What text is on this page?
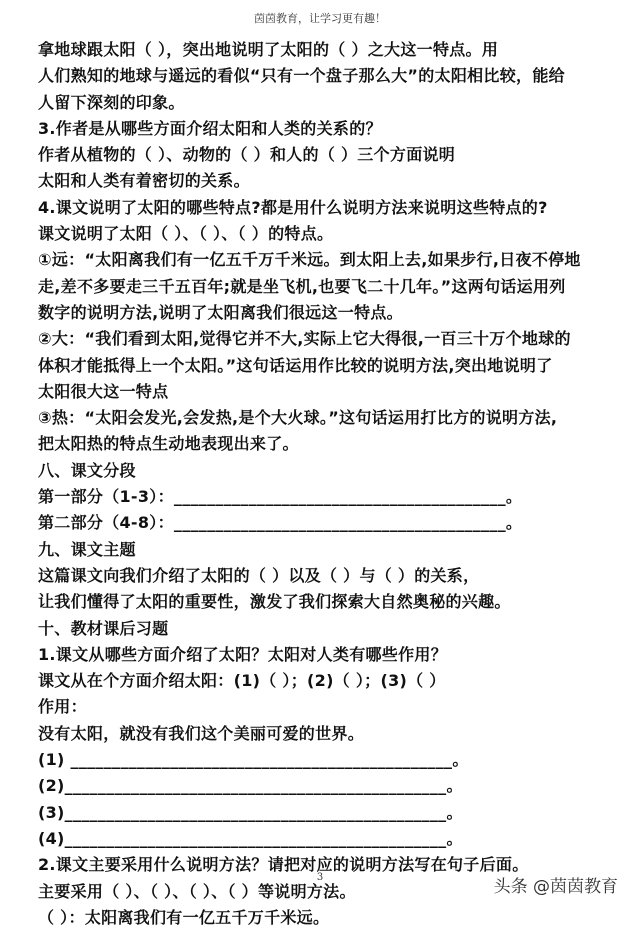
茵茵教育，让学习更有趣！
拿地球跟太阳（ ），突出地说明了太阳的（ ）之大这一特点。用
人们熟知的地球与遥远的看似“只有一个盘子那么大”的太阳相比较，能给
人留下深刻的印象。
3.作者是从哪些方面介绍太阳和人类的关系的？
作者从植物的（ ）、动物的（ ）和人的（ ）三个方面说明
太阳和人类有着密切的关系。
4.课文说明了太阳的哪些特点?都是用什么说明方法来说明这些特点的?
课文说明了太阳（ ）、（ ）、（ ）的特点。
①远：“太阳离我们有一亿五千万千米远。到太阳上去,如果步行,日夜不停地
走,差不多要走三千五百年;就是坐飞机,也要飞二十几年。”这两句话运用列
数字的说明方法,说明了太阳离我们很远这一特点。
②大：“我们看到太阳,觉得它并不大,实际上它大得很,一百三十万个地球的
体积才能抵得上一个太阳。”这句话运用作比较的说明方法,突出地说明了
太阳很大这一特点
③热：“太阳会发光,会发热,是个大火球。”这句话运用打比方的说明方法,
把太阳热的特点生动地表现出来了。
八、课文分段
第一部分（1-3）：________________________________________。
第二部分（4-8）：________________________________________。
九、课文主题
这篇课文向我们介绍了太阳的（ ）以及（ ）与（ ）的关系，
让我们懂得了太阳的重要性，激发了我们探索大自然奥秘的兴趣。
十、教材课后习题
1.课文从哪些方面介绍了太阳？太阳对人类有哪些作用？
课文从在个方面介绍太阳：(1)（ ）；(2)（ ）；(3)（ ）
作用：
没有太阳，就没有我们这个美丽可爱的世界。
(1) ______________________________________________。
(2)______________________________________________。
(3)______________________________________________。
(4)______________________________________________。
2.课文主要采用什么说明方法？请把对应的说明方法写在句子后面。
主要采用（ ）、（ ）、（ ）、（ ）等说明方法。
（ ）：太阳离我们有一亿五千万千米远。
3	头条 @茵茵教育
